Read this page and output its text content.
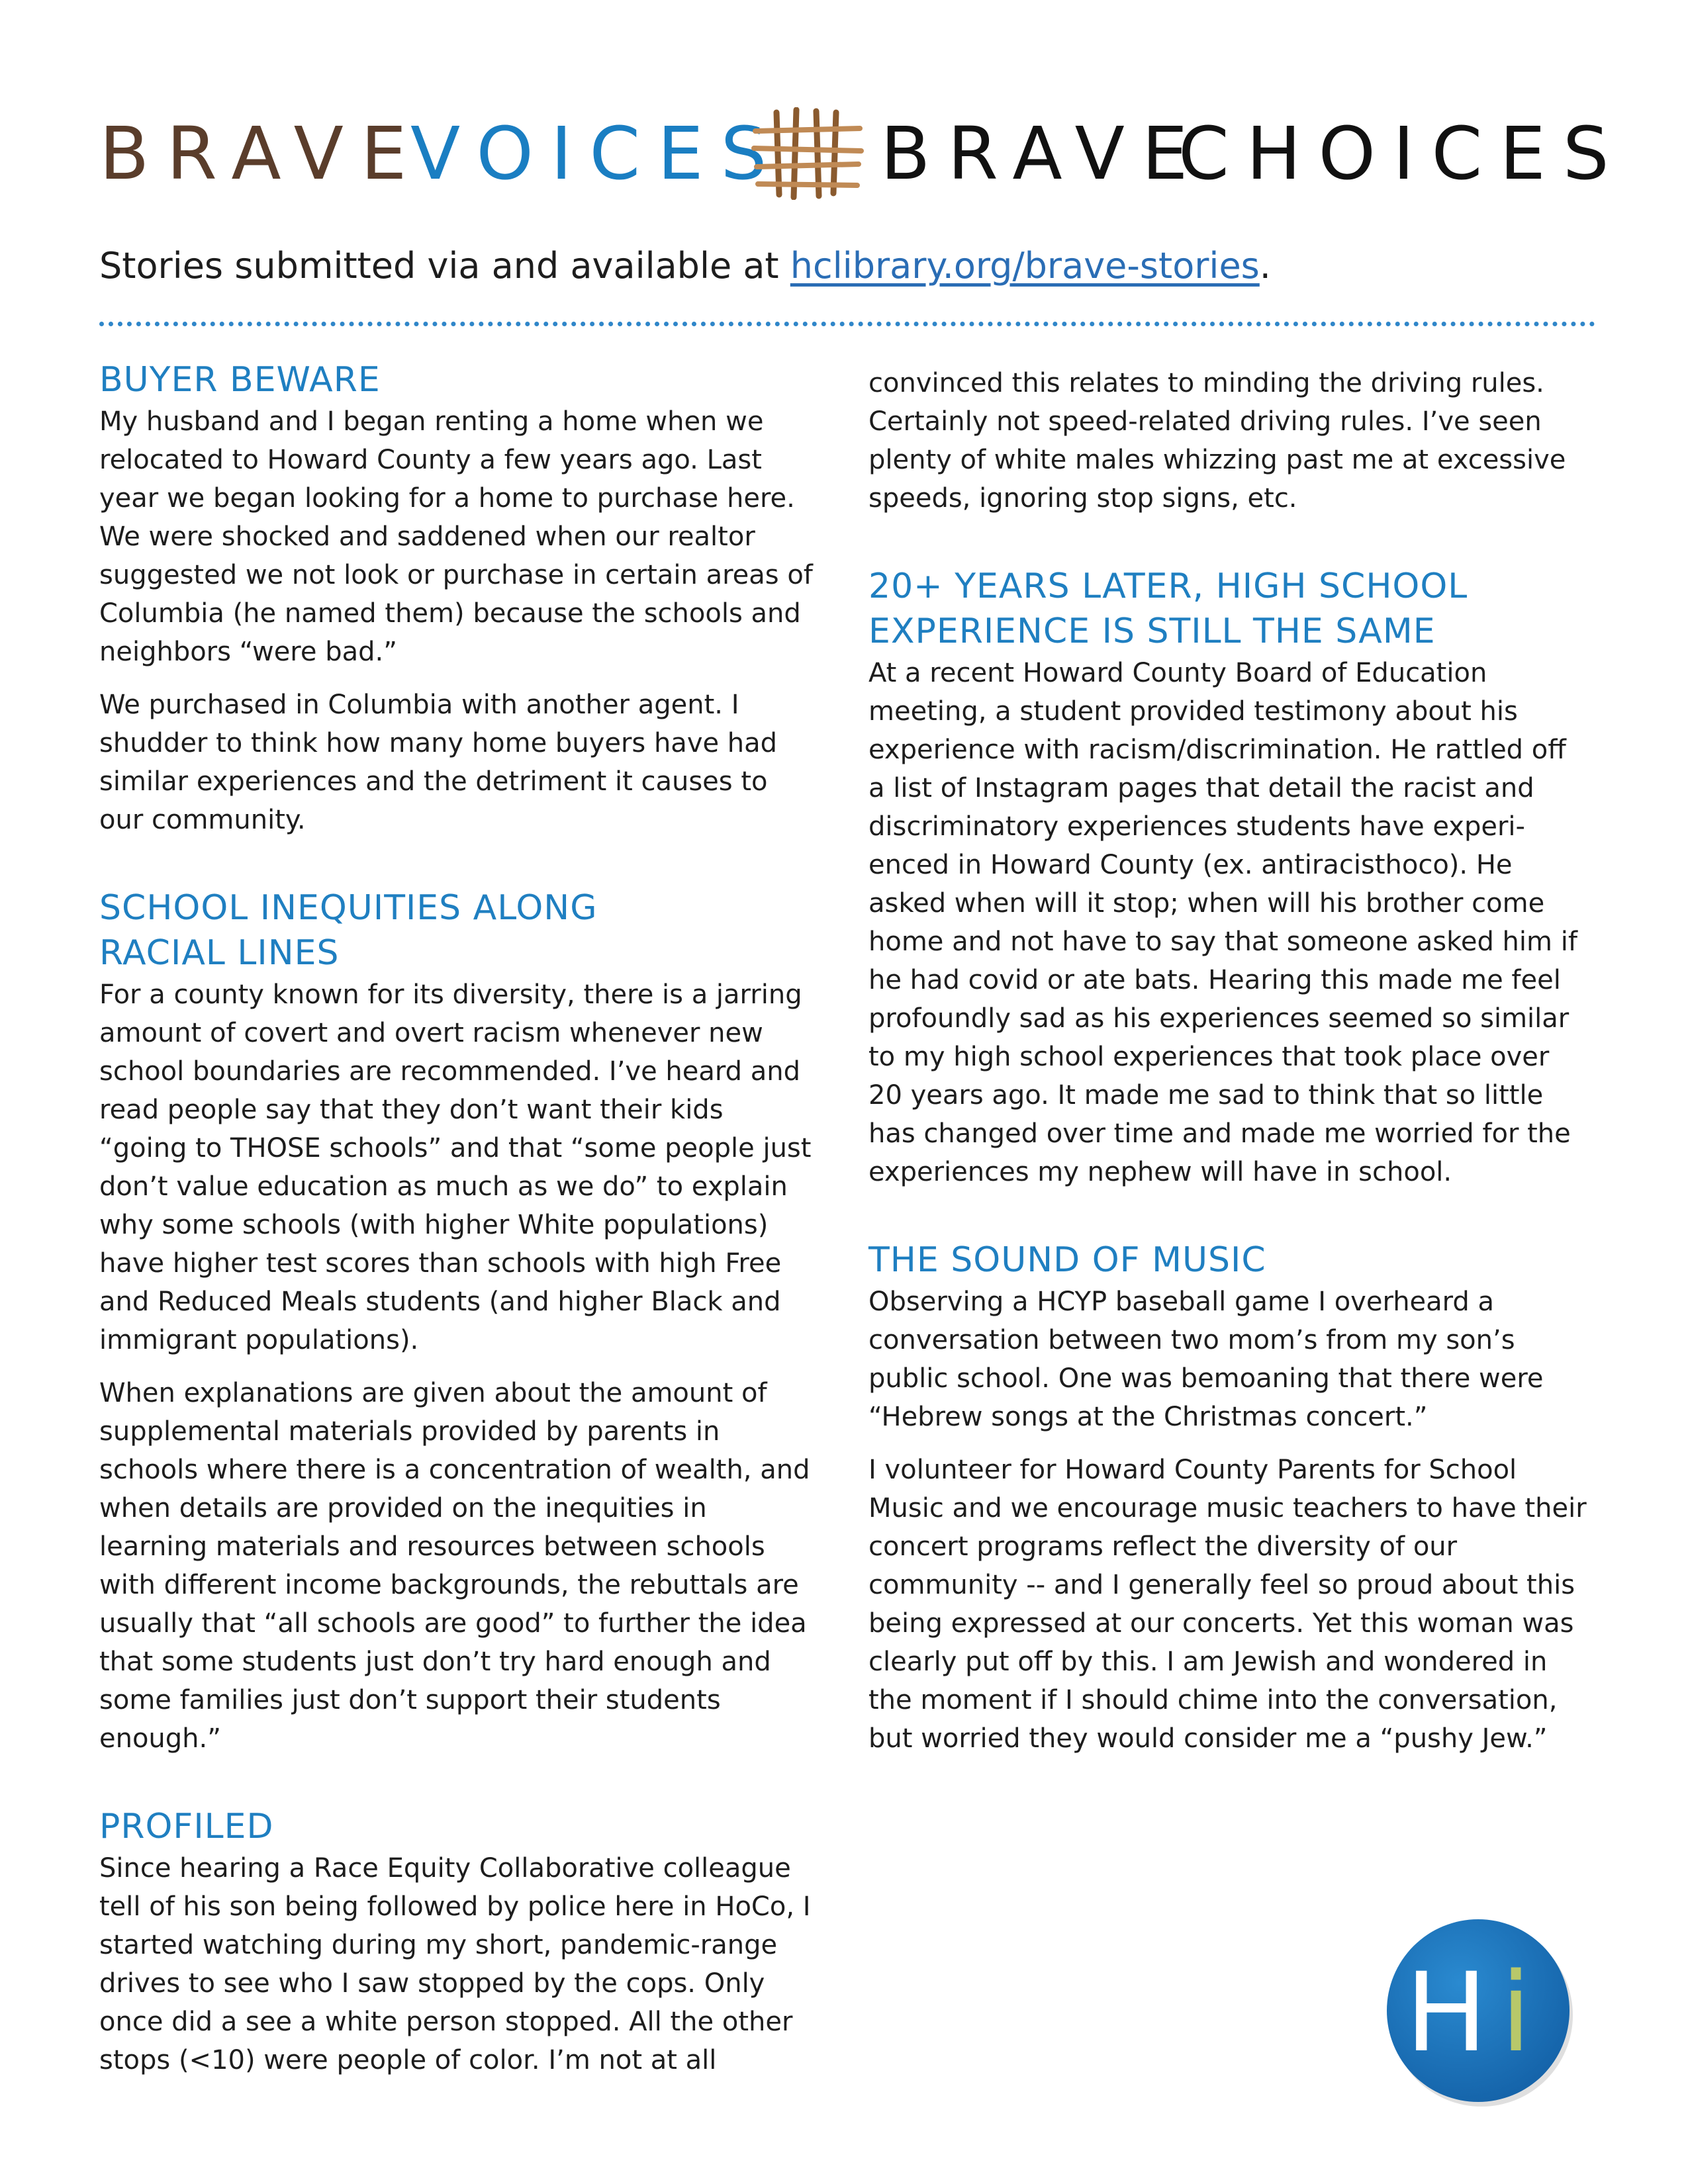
BRAVE
VOICES BRAVE
CHOICES
Stories submitted via and available at hclibrary.org/brave-stories.
BUYER BEWARE

My husband and I began renting a home when we relocated to Howard County a few years ago. Last year we began looking for a home to purchase here. We were shocked and saddened when our realtor suggested we not look or purchase in certain areas of Columbia (he named them) because the schools and neighbors “were bad.”

We purchased in Columbia with another agent. I shudder to think how many home buyers have had similar experiences and the detriment it causes to our community.

SCHOOL INEQUITIES ALONG RACIAL LINES

For a county known for its diversity, there is a jarring amount of covert and overt racism whenever new school boundaries are recommended. I’ve heard and read people say that they don’t want their kids “going to THOSE schools” and that “some people just don’t value education as much as we do” to explain why some schools (with higher White populations) have higher test scores than schools with high Free and Reduced Meals students (and higher Black and immigrant populations).

When explanations are given about the amount of supplemental materials provided by parents in schools where there is a concentration of wealth, and when details are provided on the inequities in learning materials and resources between schools with different income backgrounds, the rebuttals are usually that “all schools are good” to further the idea that some students just don’t try hard enough and some families just don’t support their students enough.”

PROFILED

Since hearing a Race Equity Collaborative colleague tell of his son being followed by police here in HoCo, I started watching during my short, pandemic-range drives to see who I saw stopped by the cops. Only once did a see a white person stopped. All the other stops (<10) were people of color. I’m not at all

convinced this relates to minding the driving rules. Certainly not speed-related driving rules. I’ve seen plenty of white males whizzing past me at excessive speeds, ignoring stop signs, etc.

20+ YEARS LATER, HIGH SCHOOL EXPERIENCE IS STILL THE SAME

At a recent Howard County Board of Education meeting, a student provided testimony about his experience with racism/discrimination. He rattled off a list of Instagram pages that detail the racist and discriminatory experiences students have experi-enced in Howard County (ex. antiracisthoco). He asked when will it stop; when will his brother come home and not have to say that someone asked him if he had covid or ate bats. Hearing this made me feel profoundly sad as his experiences seemed so similar to my high school experiences that took place over 20 years ago. It made me sad to think that so little has changed over time and made me worried for the experiences my nephew will have in school.

THE SOUND OF MUSIC

Observing a HCYP baseball game I overheard a conversation between two mom’s from my son’s public school. One was bemoaning that there were “Hebrew songs at the Christmas concert.”

I volunteer for Howard County Parents for School Music and we encourage music teachers to have their concert programs reflect the diversity of our community -- and I generally feel so proud about this being expressed at our concerts. Yet this woman was clearly put off by this. I am Jewish and wondered in the moment if I should chime into the conversation, but worried they would consider me a “pushy Jew.”

H i
